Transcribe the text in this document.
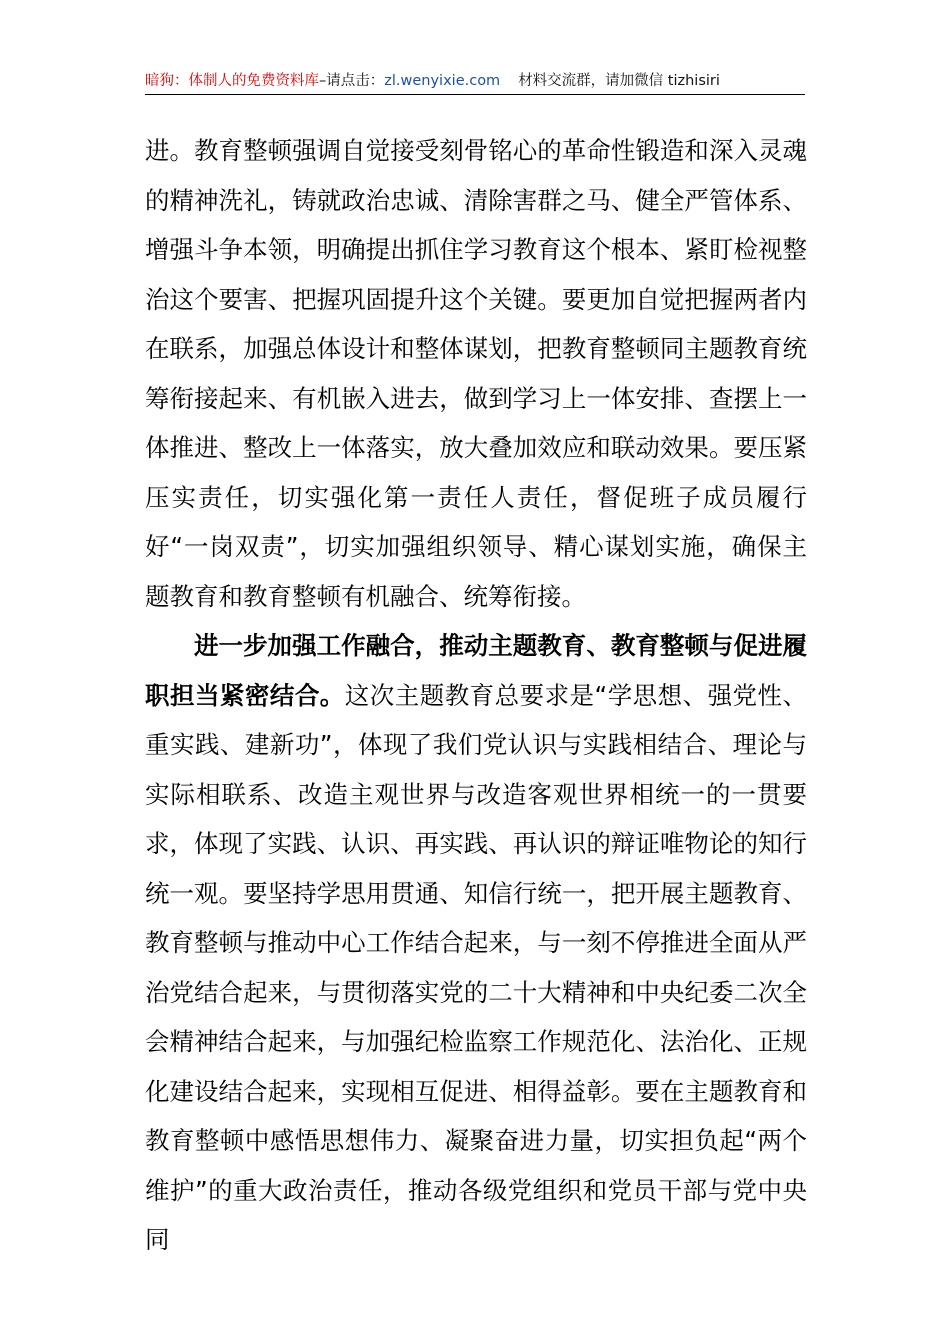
暗狗：体制人的免费资料库–请点击：zl.wenyixie.com 材料交流群，请加微信 tizhisiri

进。教育整顿强调自觉接受刻骨铭心的革命性锻造和深入灵魂的精神洗礼，铸就政治忠诚、清除害群之马、健全严管体系、增强斗争本领，明确提出抓住学习教育这个根本、紧盯检视整治这个要害、把握巩固提升这个关键。要更加自觉把握两者内在联系，加强总体设计和整体谋划，把教育整顿同主题教育统筹衔接起来、有机嵌入进去，做到学习上一体安排、查摆上一体推进、整改上一体落实，放大叠加效应和联动效果。要压紧压实责任，切实强化第一责任人责任，督促班子成员履行好“一岗双责”，切实加强组织领导、精心谋划实施，确保主题教育和教育整顿有机融合、统筹衔接。

进一步加强工作融合，推动主题教育、教育整顿与促进履职担当紧密结合。这次主题教育总要求是“学思想、强党性、重实践、建新功”，体现了我们党认识与实践相结合、理论与实际相联系、改造主观世界与改造客观世界相统一的一贯要求，体现了实践、认识、再实践、再认识的辩证唯物论的知行统一观。要坚持学思用贯通、知信行统一，把开展主题教育、教育整顿与推动中心工作结合起来，与一刻不停推进全面从严治党结合起来，与贯彻落实党的二十大精神和中央纪委二次全会精神结合起来，与加强纪检监察工作规范化、法治化、正规化建设结合起来，实现相互促进、相得益彰。要在主题教育和教育整顿中感悟思想伟力、凝聚奋进力量，切实担负起“两个维护”的重大政治责任，推动各级党组织和党员干部与党中央同
